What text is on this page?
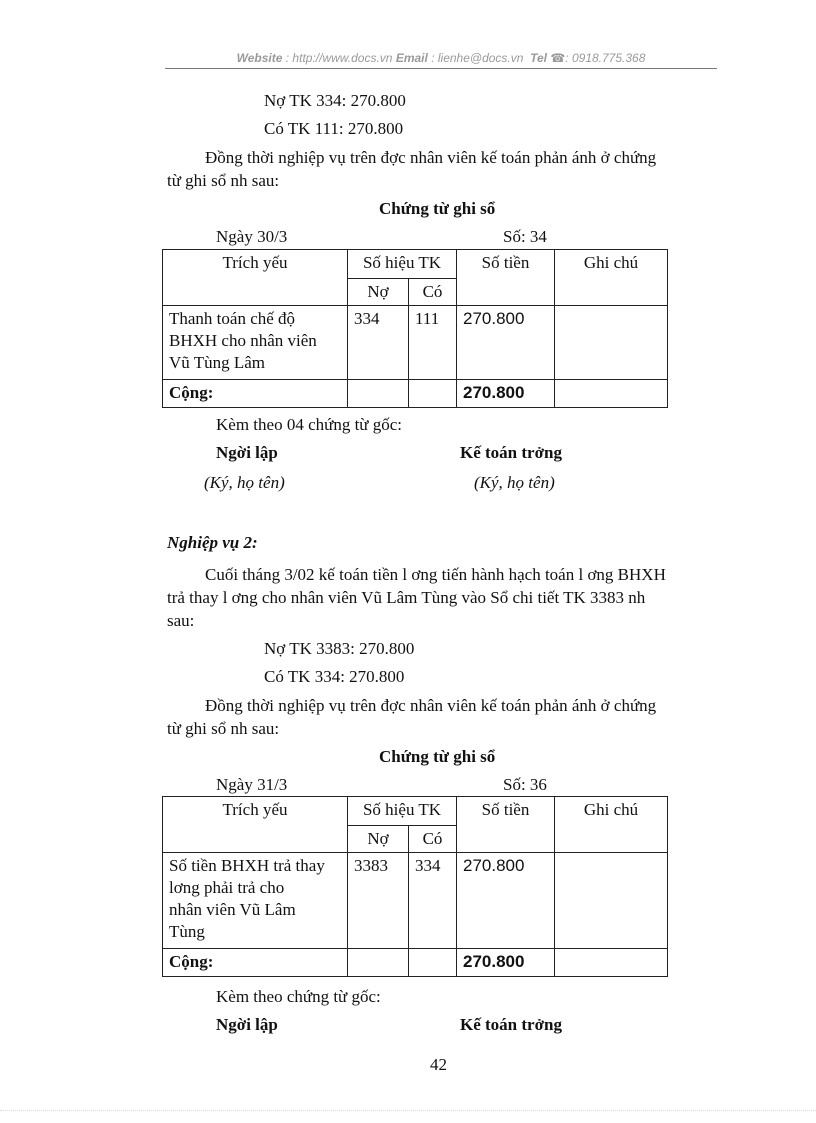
Website : http://www.docs.vn Email : lienhe@docs.vn Tel ☎: 0918.775.368
Nợ TK 334: 270.800
Có TK 111: 270.800
Đồng thời nghiệp vụ trên đợc nhân viên kế toán phản ánh ở chứng
từ ghi sổ nh sau:
Chứng từ ghi sổ
Ngày 30/3	Số: 34
Trích yếu	Số hiệu TK		Số tiền	Ghi chú
	Nợ	Có		

Thanh toán chế độ
BHXH cho nhân viên
Vũ Tùng Lâm	334	111	270.800	
Cộng:			270.800	
Kèm theo 04 chứng từ gốc:
Ngời lập	Kế toán trởng
(Ký, họ tên)	(Ký, họ tên)
Nghiệp vụ 2:
Cuối tháng 3/02 kế toán tiền l ơng tiến hành hạch toán l ơng BHXH
trả thay l ơng cho nhân viên Vũ Lâm Tùng vào Sổ chi tiết TK 3383 nh
sau:
Nợ TK 3383: 270.800
Có TK 334: 270.800
Đồng thời nghiệp vụ trên đợc nhân viên kế toán phản ánh ở chứng
từ ghi sổ nh sau:
Chứng từ ghi sổ
Ngày 31/3	Số: 36
Trích yếu	Số hiệu TK		Số tiền	Ghi chú
	Nợ	Có		

Số tiền BHXH trả thay
lơng phải trả cho
nhân viên Vũ Lâm
Tùng	3383	334	270.800	
Cộng:			270.800	
Kèm theo chứng từ gốc:
Ngời lập	Kế toán trởng
42
